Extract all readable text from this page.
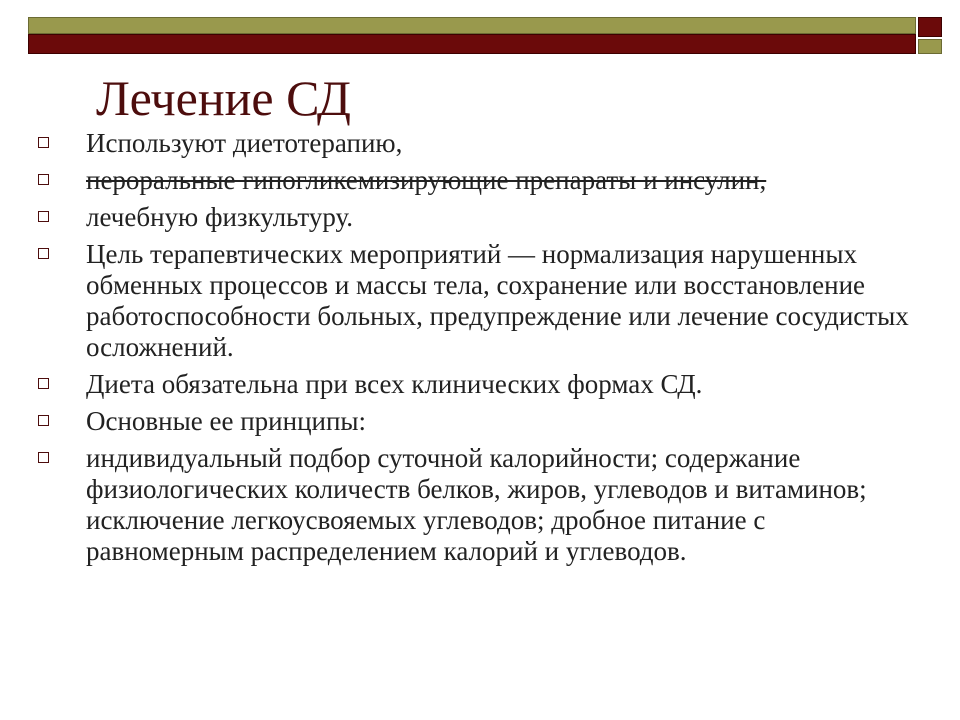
Лечение СД
Используют диетотерапию,
пероральные гипогликемизирующие препараты и инсулин,
лечебную физкультуру.
Цель терапевтических мероприятий — нормализация нарушенных обменных процессов и массы тела, сохранение или восстановление работоспособности больных, предупреждение или лечение сосудистых осложнений.
Диета обязательна при всех клинических формах СД.
Основные ее принципы:
индивидуальный подбор суточной калорийности; содержание физиологических количеств белков, жиров, углеводов и витаминов; исключение легкоусвояемых углеводов; дробное питание с равномерным распределением калорий и углеводов.
